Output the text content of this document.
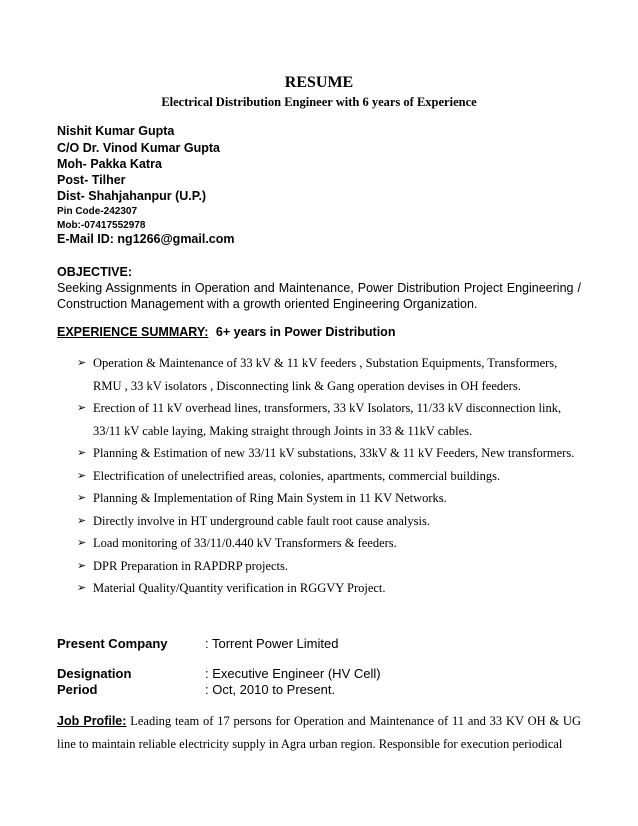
RESUME
Electrical Distribution Engineer with 6 years of Experience
Nishit Kumar Gupta
C/O Dr. Vinod Kumar Gupta
Moh- Pakka Katra
Post- Tilher
Dist- Shahjahanpur (U.P.)
Pin Code-242307
Mob:-07417552978
E-Mail ID: ng1266@gmail.com
OBJECTIVE:
Seeking Assignments in Operation and Maintenance, Power Distribution Project Engineering /
Construction Management with a growth oriented Engineering Organization.
EXPERIENCE SUMMARY: 6+ years in Power Distribution
➢ Operation & Maintenance of 33 kV & 11 kV feeders , Substation Equipments, Transformers, RMU , 33 kV isolators , Disconnecting link & Gang operation devises in OH feeders.
➢ Erection of 11 kV overhead lines, transformers, 33 kV Isolators, 11/33 kV disconnection link, 33/11 kV cable laying, Making straight through Joints in 33 & 11kV cables.
➢ Planning & Estimation of new 33/11 kV substations, 33kV & 11 kV Feeders, New transformers.
➢ Electrification of unelectrified areas, colonies, apartments, commercial buildings.
➢ Planning & Implementation of Ring Main System in 11 KV Networks.
➢ Directly involve in HT underground cable fault root cause analysis.
➢ Load monitoring of 33/11/0.440 kV Transformers & feeders.
➢ DPR Preparation in RAPDRP projects.
➢ Material Quality/Quantity verification in RGGVY Project.
Present Company	: Torrent Power Limited
Designation	: Executive Engineer (HV Cell)
Period	: Oct, 2010 to Present.
Job Profile: Leading team of 17 persons for Operation and Maintenance of 11 and 33 KV OH & UG line to maintain reliable electricity supply in Agra urban region. Responsible for execution periodical
